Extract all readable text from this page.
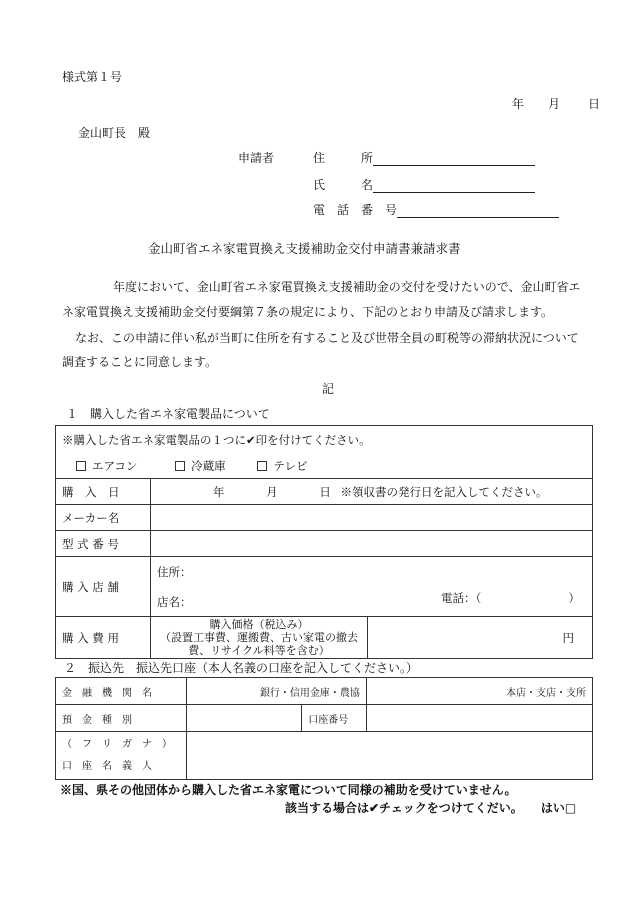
様式第１号
年 月 日
金山町長　殿
申請者	住　　　所
氏　　　名
電　話　番　号
金山町省エネ家電買換え支援補助金交付申請書兼請求書
年度において、金山町省エネ家電買換え支援補助金の交付を受けたいので、金山町省エ
ネ家電買換え支援補助金交付要綱第７条の規定により、下記のとおり申請及び請求します。
なお、この申請に伴い私が当町に住所を有すること及び世帯全員の町税等の滞納状況について
調査することに同意します。
記
１　購入した省エネ家電製品について
※購入した省エネ家電製品の１つに✔印を付けてください。		
エアコン 冷蔵庫 テレビ		
購　入　日	年 月 日 ※領収書の発行日を記入してください。	
メーカー名		
型 式 番 号		
購 入 店 舗	住所：
店名： 電話：（ ）	

購 入 費 用	購入価格（税込み）
（設置工事費、運搬費、古い家電の撤去
費、リサイクル料等を含む）	円
２　振込先　振込先口座（本人名義の口座を記入してください。）
金　融　機　関　名	銀行・信用金庫・農協		本店・支店・支所
預　金　種　別		口座番号	

（　フ　リ　ガ　ナ　）
口　座　名　義　人			

※国、県その他団体から購入した省エネ家電について同様の補助を受けていません。
該当する場合は✔チェックをつけてくだい。 はい□
